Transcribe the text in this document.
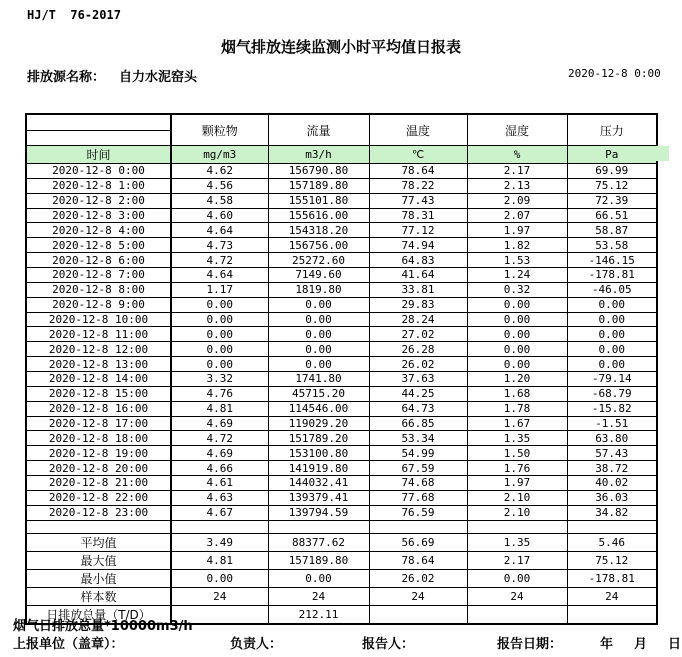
HJ/T  76-2017
烟气排放连续监测小时平均值日报表
排放源名称： 自力水泥窑头	2020-12-8 0:00
	颗粒物	流量	温度	湿度	压力

时间	mg/m3	m3/h	℃	%	Pa
2020-12-8 0:00	4.62	156790.80	78.64	2.17	69.99
2020-12-8 1:00	4.56	157189.80	78.22	2.13	75.12
2020-12-8 2:00	4.58	155101.80	77.43	2.09	72.39
2020-12-8 3:00	4.60	155616.00	78.31	2.07	66.51
2020-12-8 4:00	4.64	154318.20	77.12	1.97	58.87
2020-12-8 5:00	4.73	156756.00	74.94	1.82	53.58
2020-12-8 6:00	4.72	25272.60	64.83	1.53	-146.15
2020-12-8 7:00	4.64	7149.60	41.64	1.24	-178.81
2020-12-8 8:00	1.17	1819.80	33.81	0.32	-46.05
2020-12-8 9:00	0.00	0.00	29.83	0.00	0.00
2020-12-8 10:00	0.00	0.00	28.24	0.00	0.00
2020-12-8 11:00	0.00	0.00	27.02	0.00	0.00
2020-12-8 12:00	0.00	0.00	26.28	0.00	0.00
2020-12-8 13:00	0.00	0.00	26.02	0.00	0.00
2020-12-8 14:00	3.32	1741.80	37.63	1.20	-79.14
2020-12-8 15:00	4.76	45715.20	44.25	1.68	-68.79
2020-12-8 16:00	4.81	114546.00	64.73	1.78	-15.82
2020-12-8 17:00	4.69	119029.20	66.85	1.67	-1.51
2020-12-8 18:00	4.72	151789.20	53.34	1.35	63.80
2020-12-8 19:00	4.69	153100.80	54.99	1.50	57.43
2020-12-8 20:00	4.66	141919.80	67.59	1.76	38.72
2020-12-8 21:00	4.61	144032.41	74.68	1.97	40.02
2020-12-8 22:00	4.63	139379.41	77.68	2.10	36.03
2020-12-8 23:00	4.67	139794.59	76.59	2.10	34.82

平均值	3.49	88377.62	56.69	1.35	5.46
最大值	4.81	157189.80	78.64	2.17	75.12
最小值	0.00	0.00	26.02	0.00	-178.81
样本数	24	24	24	24	24
日排放总量（T/D）		212.11			
烟气日排放总量*10000m3/h
上报单位（盖章）：	负责人：	报告人：	报告日期：	年 月 日
